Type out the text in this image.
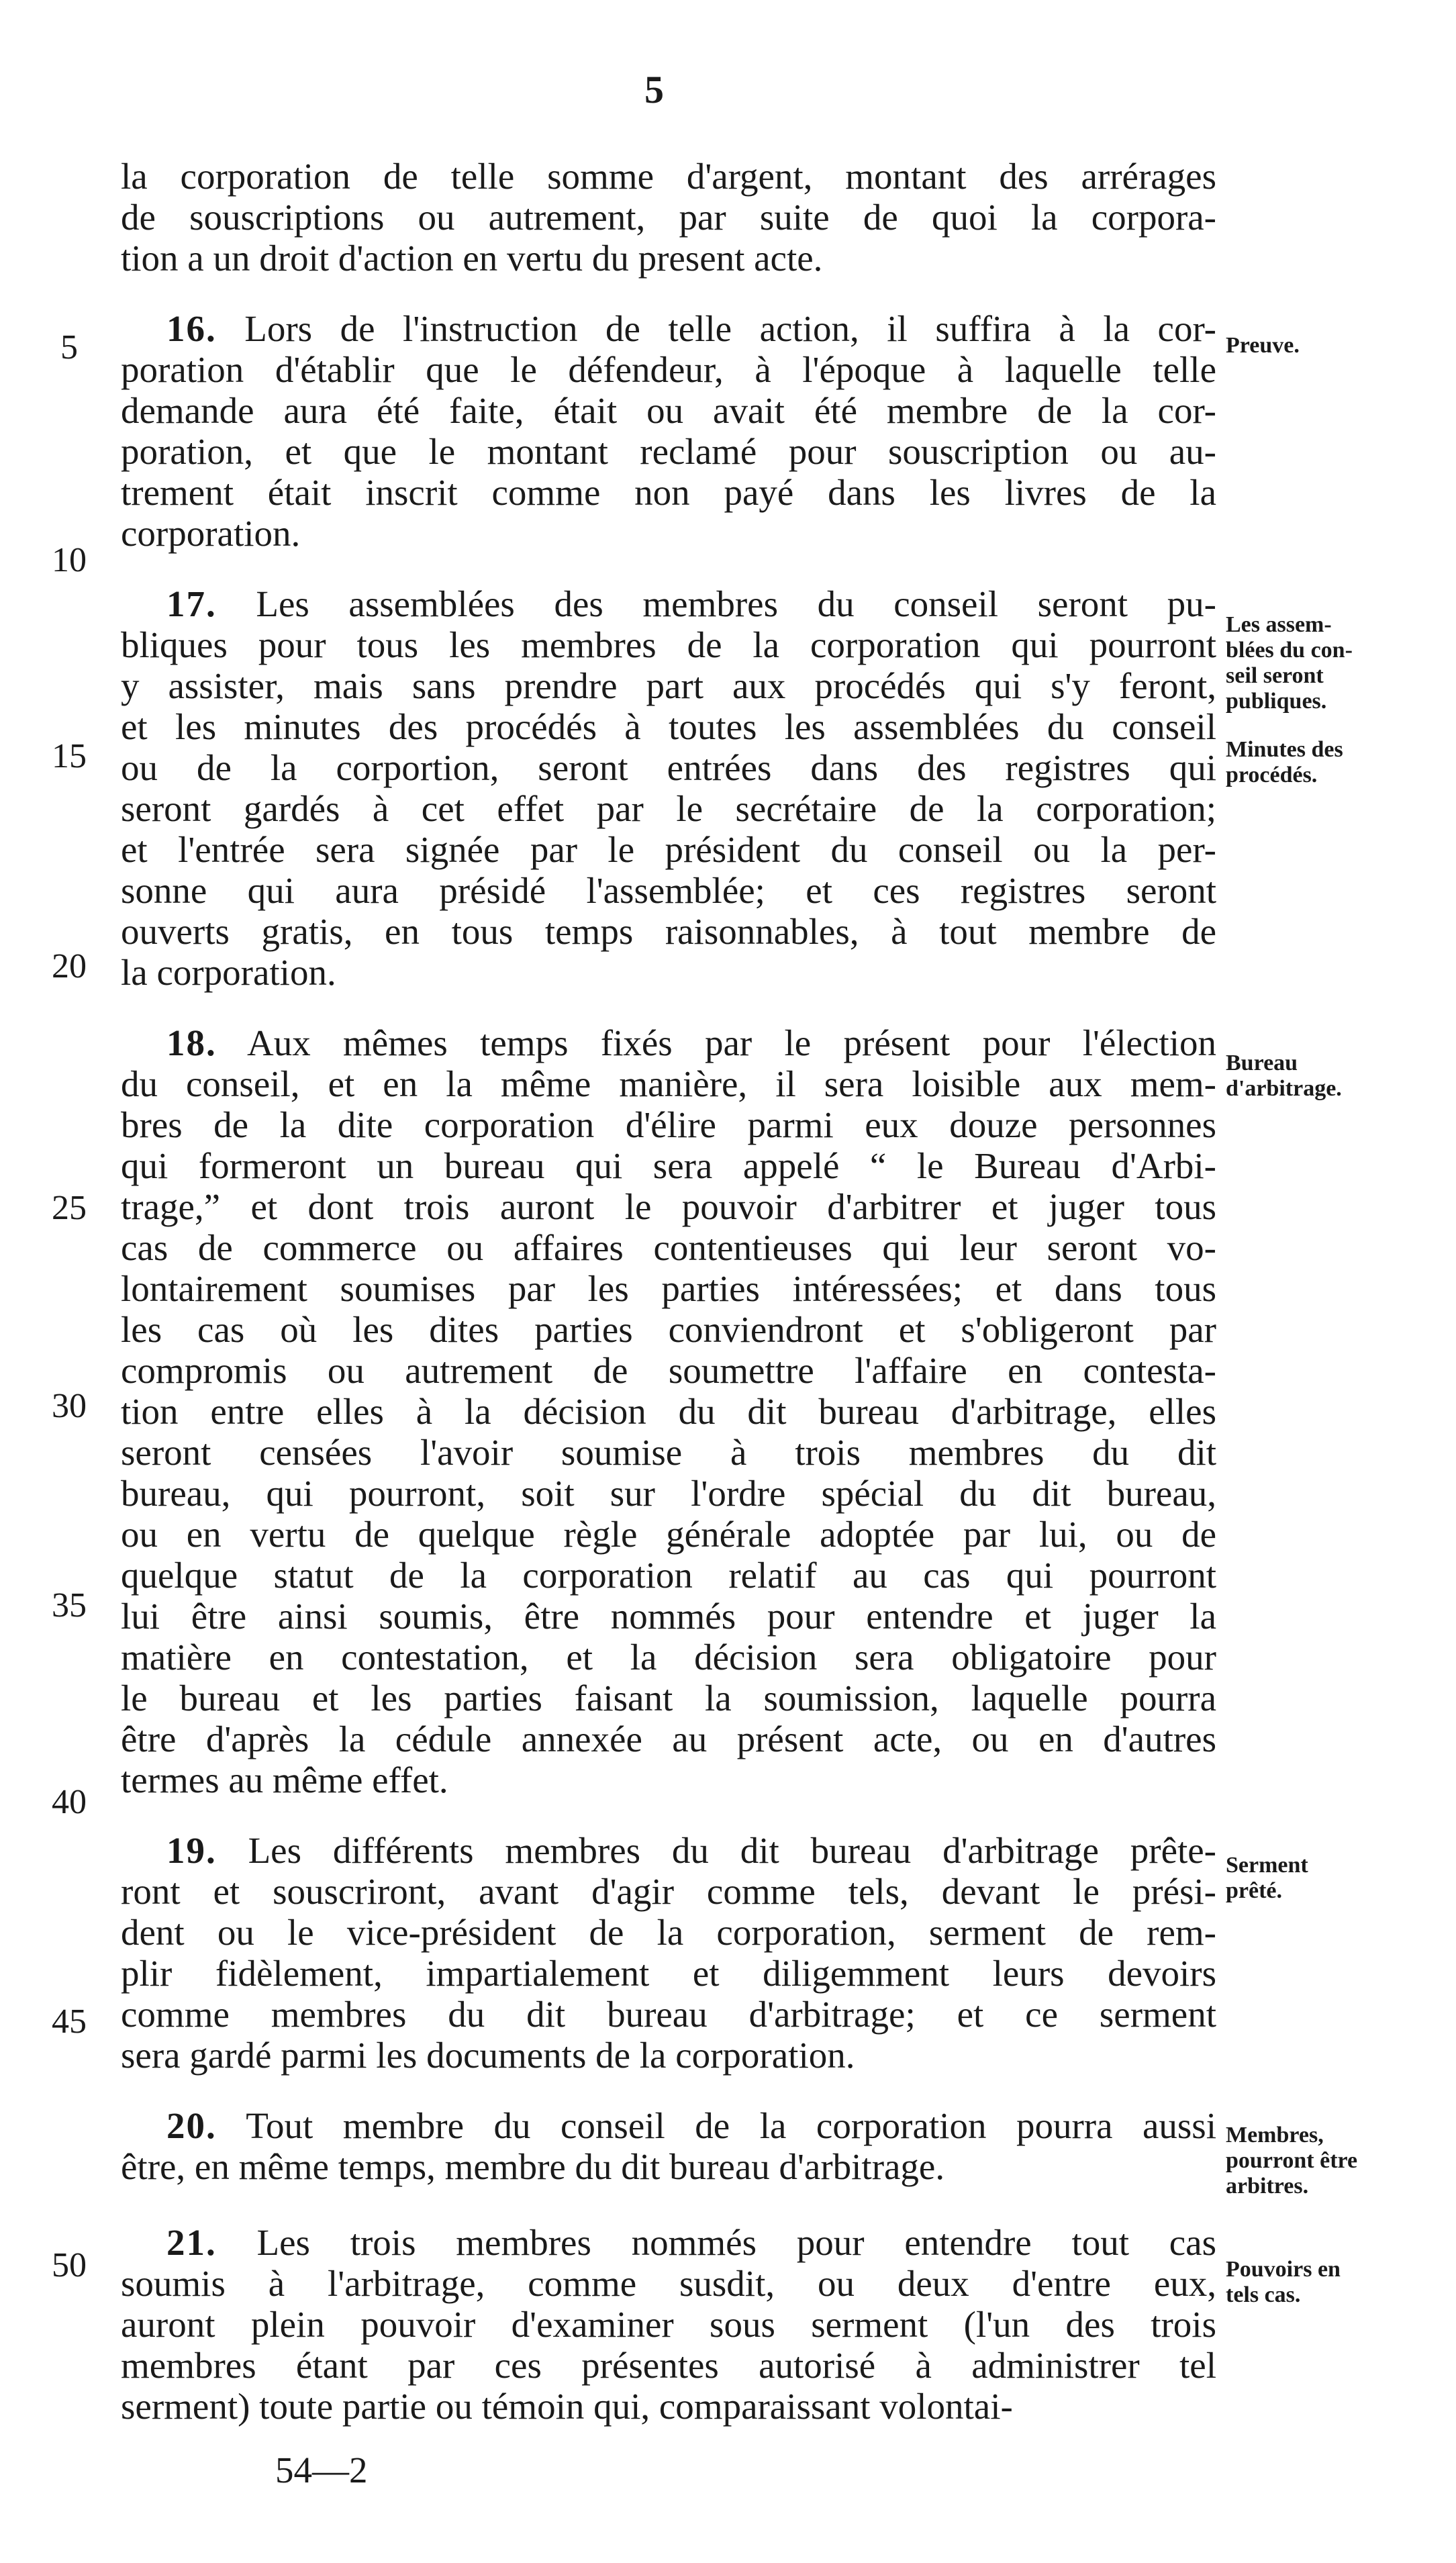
5
la corporation de telle somme d'argent, montant des arrérages
de souscriptions ou autrement, par suite de quoi la corpora-
tion a un droit d'action en vertu du present acte.
16. Lors de l'instruction de telle action, il suffira à la cor-
poration d'établir que le défendeur, à l'époque à laquelle telle
demande aura été faite, était ou avait été membre de la cor-
poration, et que le montant reclamé pour souscription ou au-
trement était inscrit comme non payé dans les livres de la
corporation.
17. Les assemblées des membres du conseil seront pu-
bliques pour tous les membres de la corporation qui pourront
y assister, mais sans prendre part aux procédés qui s'y feront,
et les minutes des procédés à toutes les assemblées du conseil
ou de la corportion, seront entrées dans des registres qui
seront gardés à cet effet par le secrétaire de la corporation;
et l'entrée sera signée par le président du conseil ou la per-
sonne qui aura présidé l'assemblée; et ces registres seront
ouverts gratis, en tous temps raisonnables, à tout membre de
la corporation.
18. Aux mêmes temps fixés par le présent pour l'élection
du conseil, et en la même manière, il sera loisible aux mem-
bres de la dite corporation d'élire parmi eux douze personnes
qui formeront un bureau qui sera appelé “ le Bureau d'Arbi-
trage,” et dont trois auront le pouvoir d'arbitrer et juger tous
cas de commerce ou affaires contentieuses qui leur seront vo-
lontairement soumises par les parties intéressées; et dans tous
les cas où les dites parties conviendront et s'obligeront par
compromis ou autrement de soumettre l'affaire en contesta-
tion entre elles à la décision du dit bureau d'arbitrage, elles
seront censées l'avoir soumise à trois membres du dit
bureau, qui pourront, soit sur l'ordre spécial du dit bureau,
ou en vertu de quelque règle générale adoptée par lui, ou de
quelque statut de la corporation relatif au cas qui pourront
lui être ainsi soumis, être nommés pour entendre et juger la
matière en contestation, et la décision sera obligatoire pour
le bureau et les parties faisant la soumission, laquelle pourra
être d'après la cédule annexée au présent acte, ou en d'autres
termes au même effet.
19. Les différents membres du dit bureau d'arbitrage prête-
ront et souscriront, avant d'agir comme tels, devant le prési-
dent ou le vice-président de la corporation, serment de rem-
plir fidèlement, impartialement et diligemment leurs devoirs
comme membres du dit bureau d'arbitrage; et ce serment
sera gardé parmi les documents de la corporation.
20. Tout membre du conseil de la corporation pourra aussi
être, en même temps, membre du dit bureau d'arbitrage.
21. Les trois membres nommés pour entendre tout cas
soumis à l'arbitrage, comme susdit, ou deux d'entre eux,
auront plein pouvoir d'examiner sous serment (l'un des trois
membres étant par ces présentes autorisé à administrer tel
serment) toute partie ou témoin qui, comparaissant volontai-
54—2
5
10
15
20
25
30
35
40
45
50
Preuve.
Les assem-
blées du con-
seil seront
publiques.
Minutes des
procédés.
Bureau
d'arbitrage.
Serment
prêté.
Membres,
pourront être
arbitres.
Pouvoirs en
tels cas.
